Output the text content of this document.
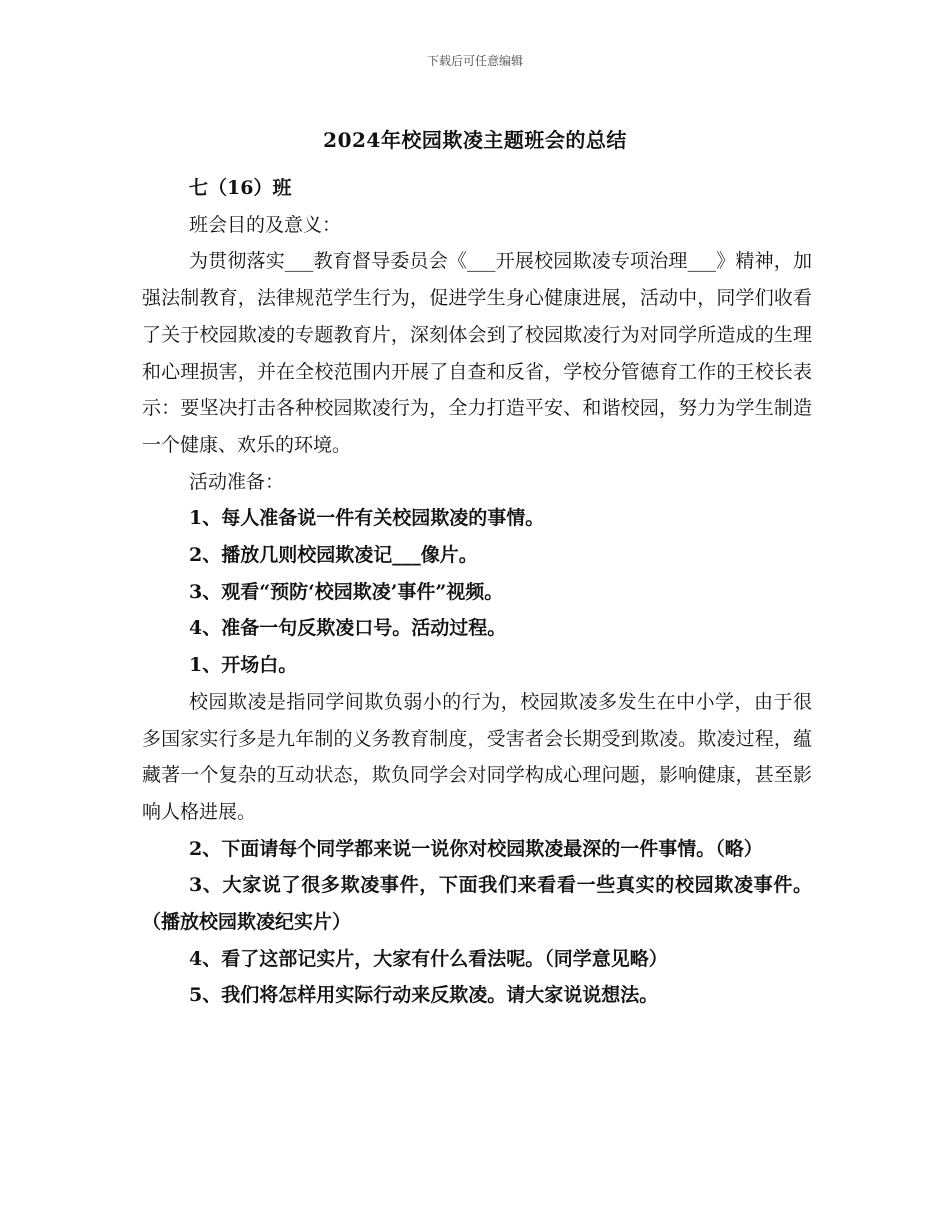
下载后可任意编辑
2024年校园欺凌主题班会的总结

七（16）班

班会目的及意义：

为贯彻落实___教育督导委员会《___开展校园欺凌专项治理___》精神，加强法制教育，法律规范学生行为，促进学生身心健康进展，活动中，同学们收看了关于校园欺凌的专题教育片，深刻体会到了校园欺凌行为对同学所造成的生理和心理损害，并在全校范围内开展了自查和反省，学校分管德育工作的王校长表示：要坚决打击各种校园欺凌行为，全力打造平安、和谐校园，努力为学生制造一个健康、欢乐的环境。

活动准备：

1、每人准备说一件有关校园欺凌的事情。

2、播放几则校园欺凌记___像片。

3、观看“预防‘校园欺凌’事件”视频。

4、准备一句反欺凌口号。活动过程。

1、开场白。

校园欺凌是指同学间欺负弱小的行为，校园欺凌多发生在中小学，由于很多国家实行多是九年制的义务教育制度，受害者会长期受到欺凌。欺凌过程，蕴藏著一个复杂的互动状态，欺负同学会对同学构成心理问题，影响健康，甚至影响人格进展。

2、下面请每个同学都来说一说你对校园欺凌最深的一件事情。（略）

3、大家说了很多欺凌事件，下面我们来看看一些真实的校园欺凌事件。（播放校园欺凌纪实片）

4、看了这部记实片，大家有什么看法呢。（同学意见略）

5、我们将怎样用实际行动来反欺凌。请大家说说想法。
